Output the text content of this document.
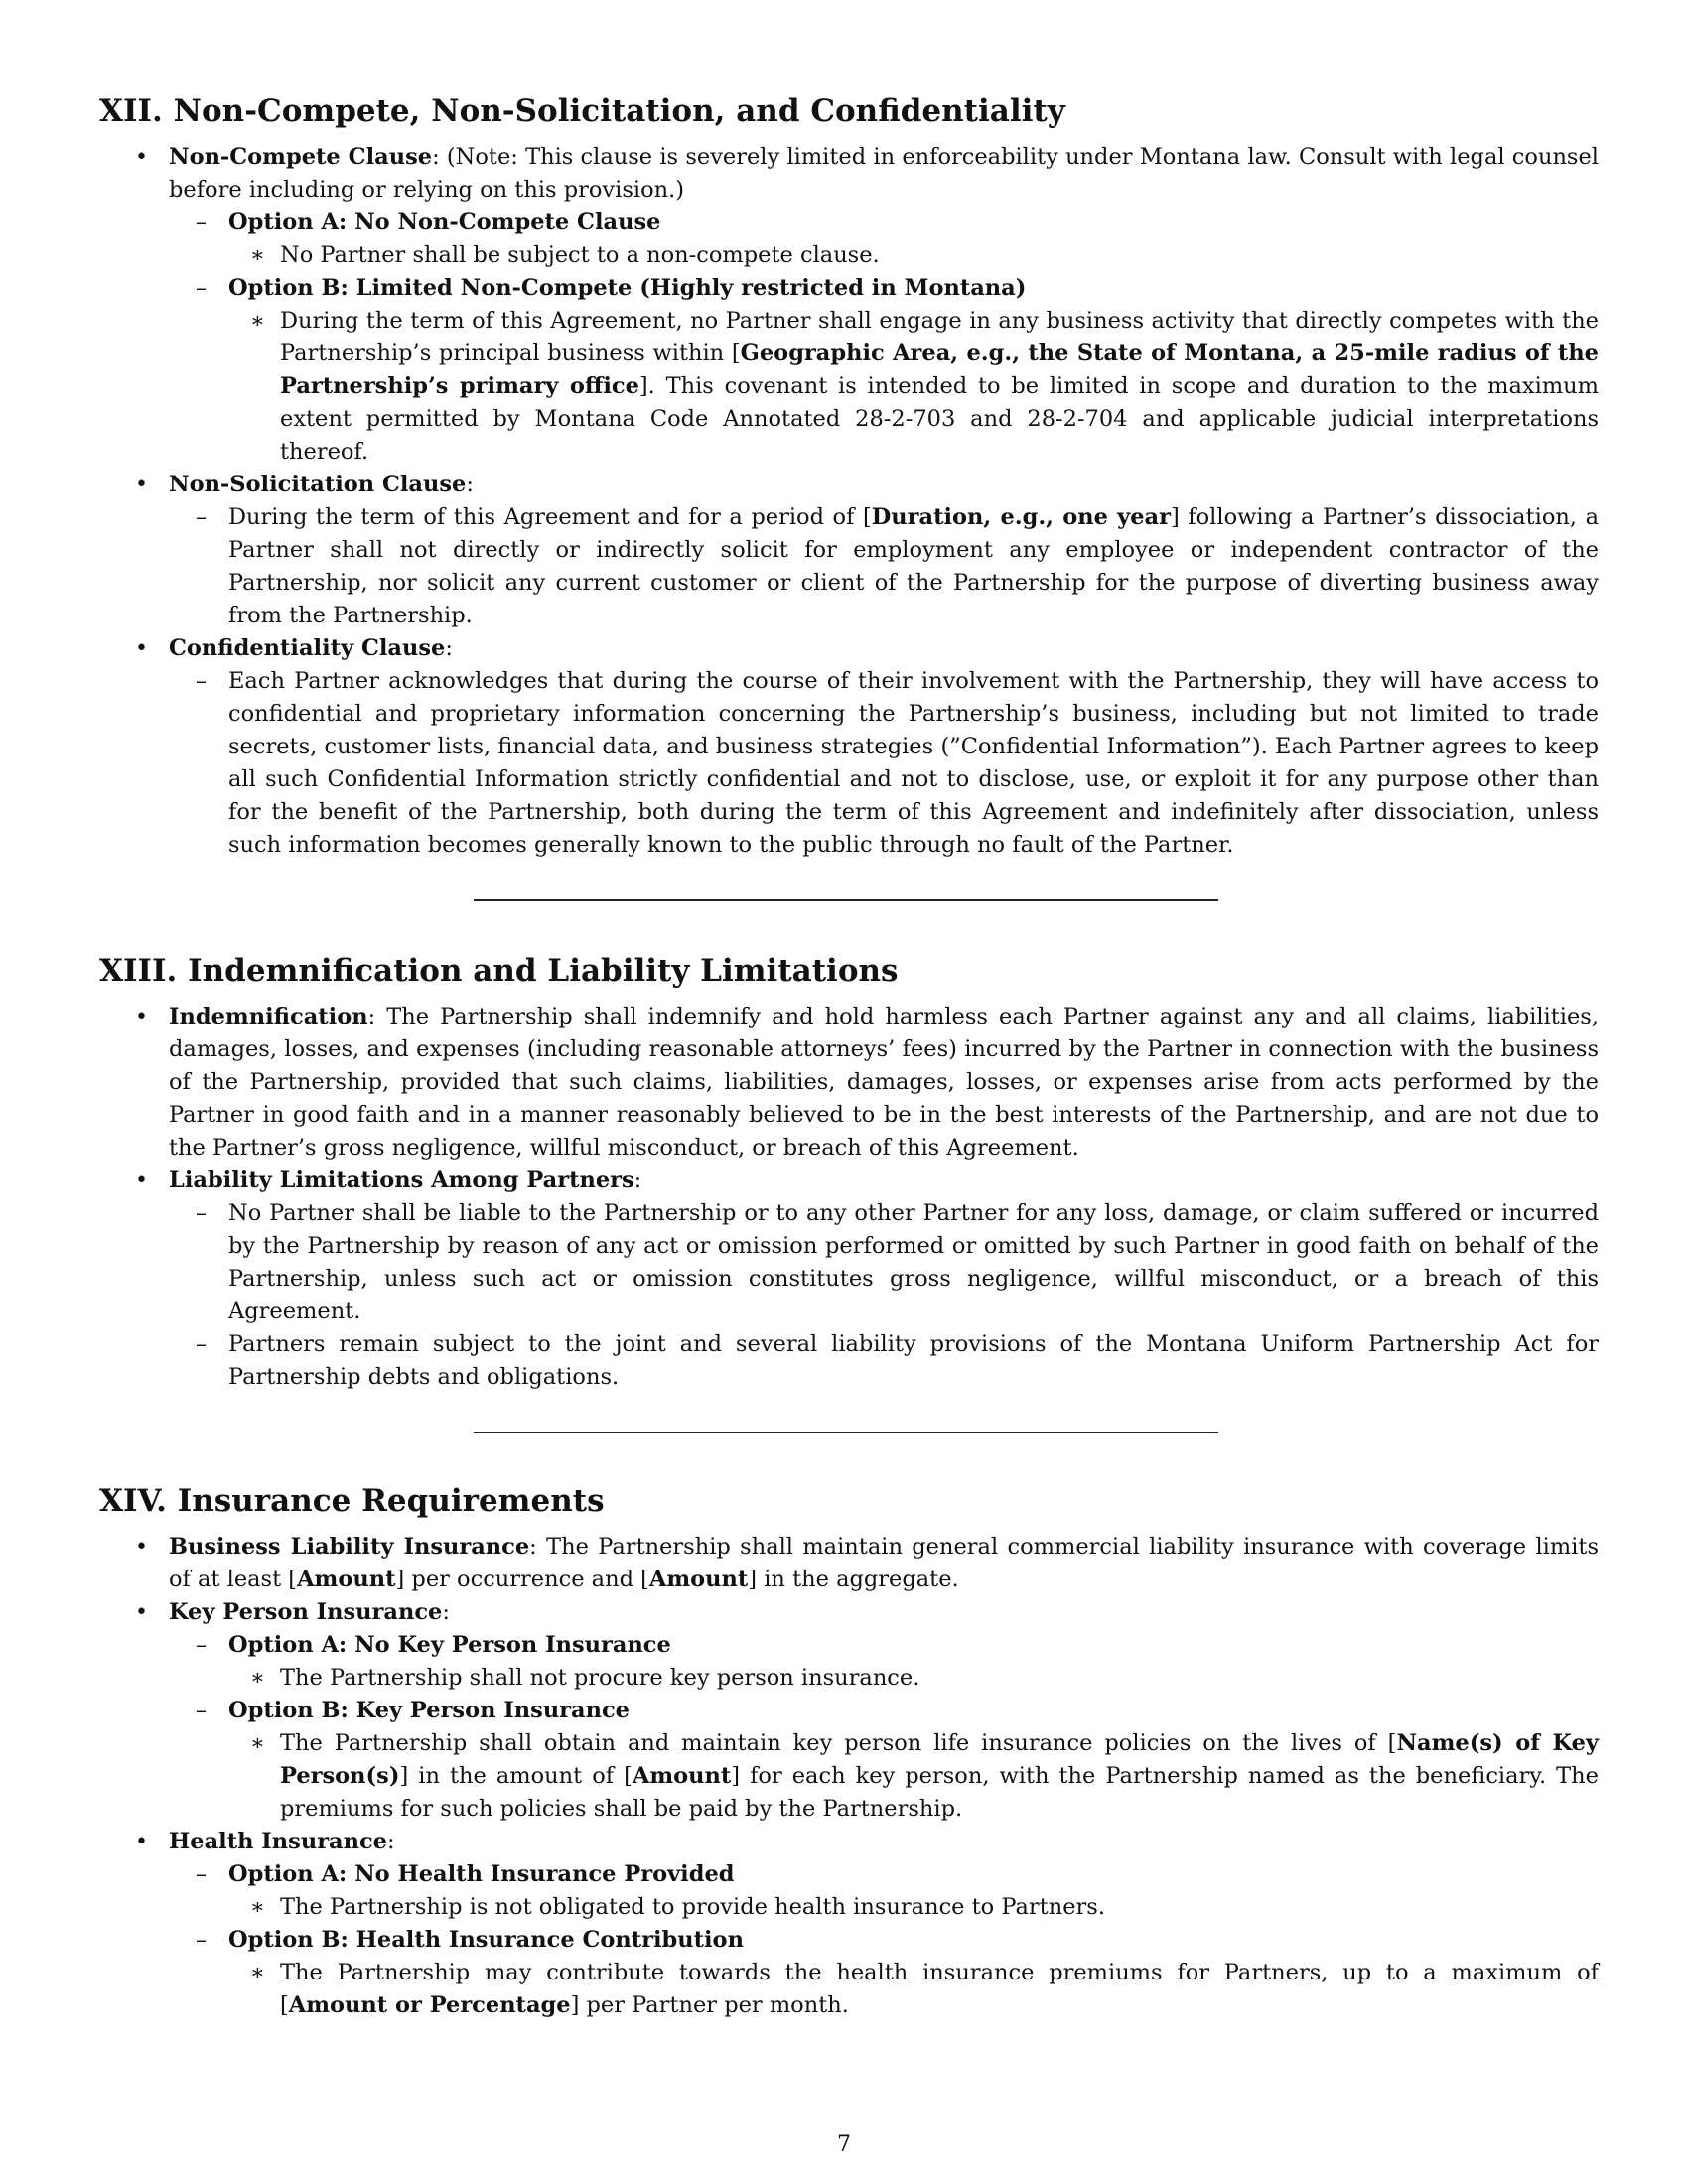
XII. Non-Compete, Non-Solicitation, and Confidentiality
• Non-Compete Clause: (Note: This clause is severely limited in enforceability under Montana law. Consult with legal counsel before including or relying on this provision.)
– Option A: No Non-Compete Clause
∗ No Partner shall be subject to a non-compete clause.
– Option B: Limited Non-Compete (Highly restricted in Montana)
∗ During the term of this Agreement, no Partner shall engage in any business activity that directly competes with the Partnership’s principal business within [Geographic Area, e.g., the State of Montana, a 25-mile radius of the Partnership’s primary office]. This covenant is intended to be limited in scope and duration to the maximum extent permitted by Montana Code Annotated 28-2-703 and 28-2-704 and applicable judicial interpretations thereof.
• Non-Solicitation Clause:
– During the term of this Agreement and for a period of [Duration, e.g., one year] following a Partner’s dissociation, a Partner shall not directly or indirectly solicit for employment any employee or independent contractor of the Partnership, nor solicit any current customer or client of the Partnership for the purpose of diverting business away from the Partnership.
• Confidentiality Clause:
– Each Partner acknowledges that during the course of their involvement with the Partnership, they will have access to confidential and proprietary information concerning the Partnership’s business, including but not limited to trade secrets, customer lists, financial data, and business strategies (”Confidential Information”). Each Partner agrees to keep all such Confidential Information strictly confidential and not to disclose, use, or exploit it for any purpose other than for the benefit of the Partnership, both during the term of this Agreement and indefinitely after dissociation, unless such information becomes generally known to the public through no fault of the Partner.
XIII. Indemnification and Liability Limitations
• Indemnification: The Partnership shall indemnify and hold harmless each Partner against any and all claims, liabilities, damages, losses, and expenses (including reasonable attorneys’ fees) incurred by the Partner in connection with the business of the Partnership, provided that such claims, liabilities, damages, losses, or expenses arise from acts performed by the Partner in good faith and in a manner reasonably believed to be in the best interests of the Partnership, and are not due to the Partner’s gross negligence, willful misconduct, or breach of this Agreement.
• Liability Limitations Among Partners:
– No Partner shall be liable to the Partnership or to any other Partner for any loss, damage, or claim suffered or incurred by the Partnership by reason of any act or omission performed or omitted by such Partner in good faith on behalf of the Partnership, unless such act or omission constitutes gross negligence, willful misconduct, or a breach of this Agreement.
– Partners remain subject to the joint and several liability provisions of the Montana Uniform Partnership Act for Partnership debts and obligations.
XIV. Insurance Requirements
• Business Liability Insurance: The Partnership shall maintain general commercial liability insurance with coverage limits of at least [Amount] per occurrence and [Amount] in the aggregate.
• Key Person Insurance:
– Option A: No Key Person Insurance
∗ The Partnership shall not procure key person insurance.
– Option B: Key Person Insurance
∗ The Partnership shall obtain and maintain key person life insurance policies on the lives of [Name(s) of Key Person(s)] in the amount of [Amount] for each key person, with the Partnership named as the beneficiary. The premiums for such policies shall be paid by the Partnership.
• Health Insurance:
– Option A: No Health Insurance Provided
∗ The Partnership is not obligated to provide health insurance to Partners.
– Option B: Health Insurance Contribution
∗ The Partnership may contribute towards the health insurance premiums for Partners, up to a maximum of [Amount or Percentage] per Partner per month.
7
